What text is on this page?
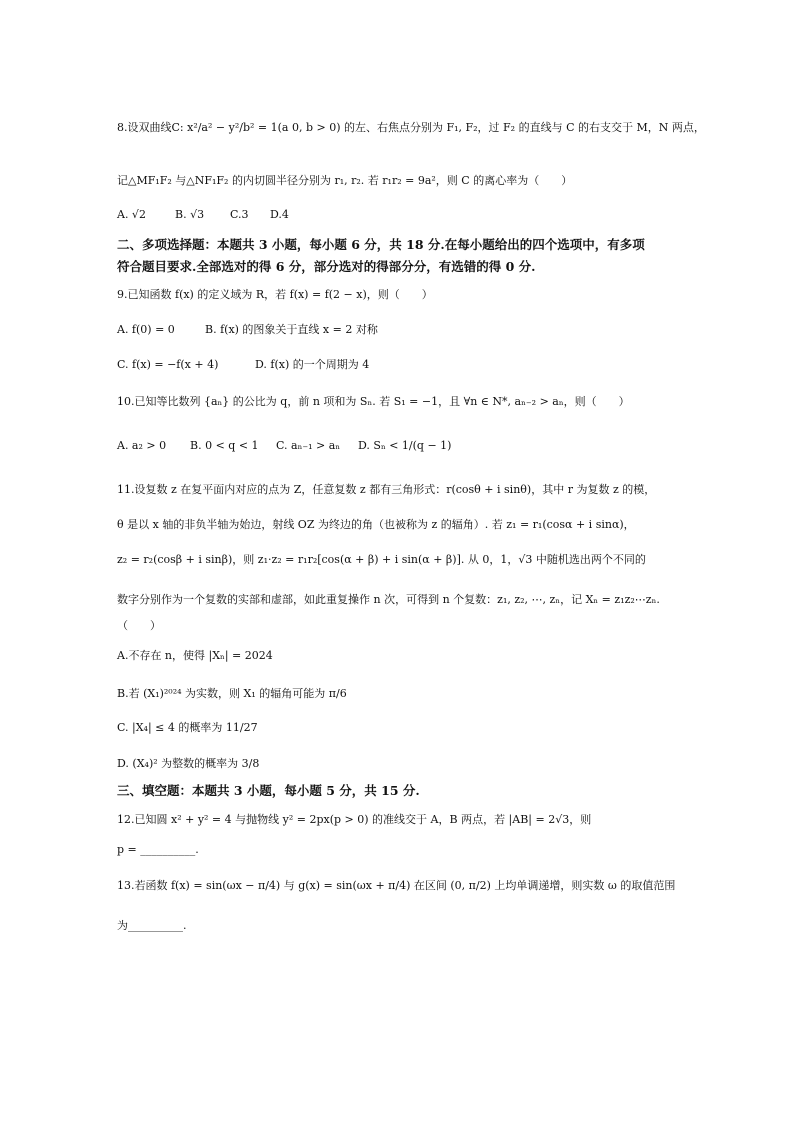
8.设双曲线C: x²/a² − y²/b² = 1(a 0, b > 0) 的左、右焦点分别为 F₁, F₂，过 F₂ 的直线与 C 的右支交于 M，N 两点，
记△MF₁F₂ 与△NF₁F₂ 的内切圆半径分别为 r₁, r₂. 若 r₁r₂ = 9a²，则 C 的离心率为（　　）
A. √2	B. √3 C.3 D.4
二、多项选择题：本题共 3 小题，每小题 6 分，共 18 分.在每小题给出的四个选项中，有多项
符合题目要求.全部选对的得 6 分，部分选对的得部分分，有选错的得 0 分.
9.已知函数 f(x) 的定义域为 R，若 f(x) = f(2 − x)，则（　　）
A. f(0) = 0	B. f(x) 的图象关于直线 x = 2 对称
C. f(x) = −f(x + 4)	D. f(x) 的一个周期为 4
10.已知等比数列 {aₙ} 的公比为 q，前 n 项和为 Sₙ. 若 S₁ = −1，且 ∀n ∈ N*, aₙ₋₂ > aₙ，则（　　）
A. a₂ > 0 B. 0 < q < 1 C. aₙ₋₁ > aₙ D. Sₙ < 1/(q − 1)
11.设复数 z 在复平面内对应的点为 Z，任意复数 z 都有三角形式：r(cosθ + i sinθ)，其中 r 为复数 z 的模，
θ 是以 x 轴的非负半轴为始边，射线 OZ 为终边的角（也被称为 z 的辐角）. 若 z₁ = r₁(cosα + i sinα)，
z₂ = r₂(cosβ + i sinβ)，则 z₁·z₂ = r₁r₂[cos(α + β) + i sin(α + β)]. 从 0，1，√3 中随机选出两个不同的
数字分别作为一个复数的实部和虚部，如此重复操作 n 次，可得到 n 个复数：z₁, z₂, ⋯, zₙ，记 Xₙ = z₁z₂⋯zₙ.
（　　）
A.不存在 n，使得 |Xₙ| = 2024
B.若 (X₁)²⁰²⁴ 为实数，则 X₁ 的辐角可能为 π/6
C. |X₄| ≤ 4 的概率为 11/27
D. (X₄)² 为整数的概率为 3/8
三、填空题：本题共 3 小题，每小题 5 分，共 15 分.
12.已知圆 x² + y² = 4 与抛物线 y² = 2px(p > 0) 的准线交于 A，B 两点，若 |AB| = 2√3，则
p = __________.
13.若函数 f(x) = sin(ωx − π/4) 与 g(x) = sin(ωx + π/4) 在区间 (0, π/2) 上均单调递增，则实数 ω 的取值范围
为__________.
